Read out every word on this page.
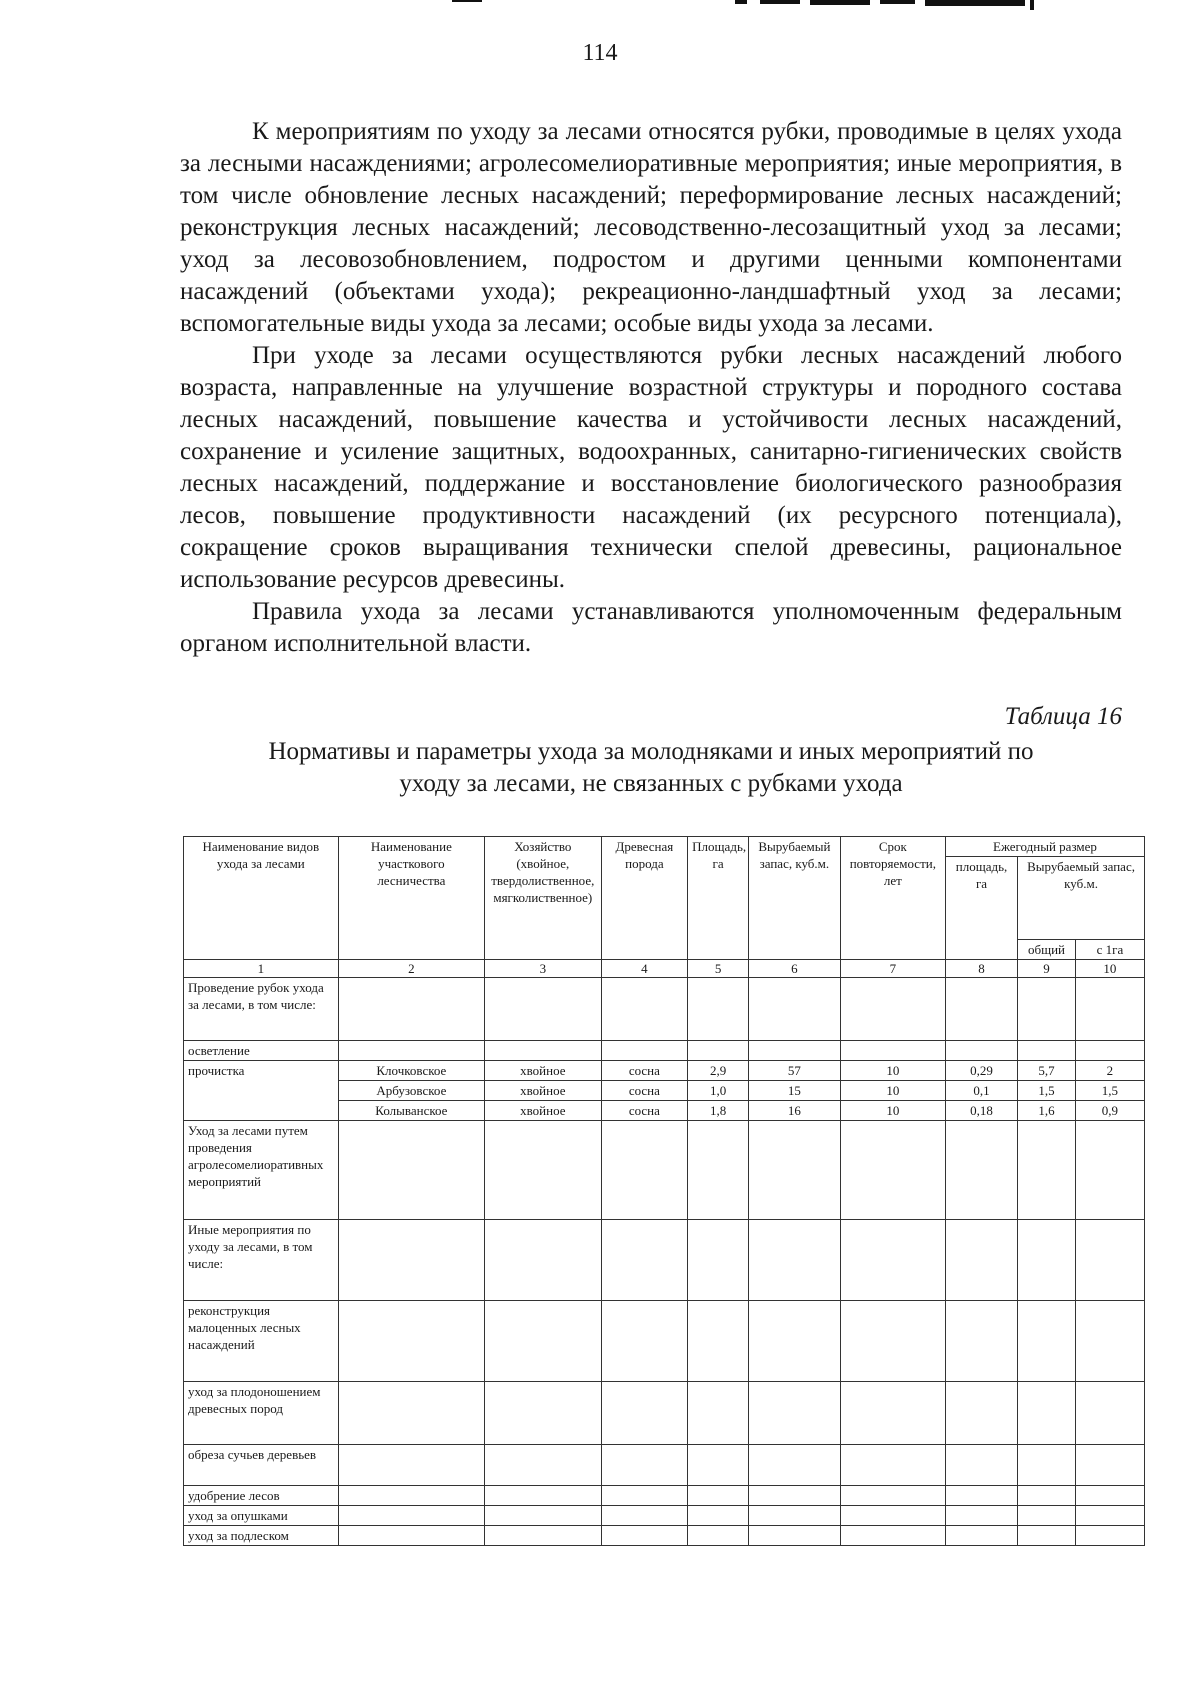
114

К мероприятиям по уходу за лесами относятся рубки, проводимые в целях ухода за лесными насаждениями; агролесомелиоративные мероприятия; иные мероприятия, в том числе обновление лесных насаждений; переформирование лесных насаждений; реконструкция лесных насаждений; лесоводственно-лесозащитный уход за лесами; уход за лесовозобновлением, подростом и другими ценными компонентами насаждений (объектами ухода); рекреационно-ландшафтный уход за лесами; вспомогательные виды ухода за лесами; особые виды ухода за лесами.

При уходе за лесами осуществляются рубки лесных насаждений любого возраста, направленные на улучшение возрастной структуры и породного состава лесных насаждений, повышение качества и устойчивости лесных насаждений, сохранение и усиление защитных, водоохранных, санитарно-гигиенических свойств лесных насаждений, поддержание и восстановление биологического разнообразия лесов, повышение продуктивности насаждений (их ресурсного потенциала), сокращение сроков выращивания технически спелой древесины, рациональное использование ресурсов древесины.

Правила ухода за лесами устанавливаются уполномоченным федеральным органом исполнительной власти.

Таблица 16
Нормативы и параметры ухода за молодняками и иных мероприятий по
уходу за лесами, не связанных с рубками ухода
Наименование видов ухода за лесами	Наименование участкового лесничества	Хозяйство (хвойное, твердолиственное, мягколиственное)	Древесная порода	Площадь, га	Вырубаемый запас, куб.м.	Срок повторяемости, лет	Ежегодный размер		
							площадь, га	Вырубаемый запас, куб.м.	
								общий	с 1га
1	2	3	4	5	6	7	8	9	10
Проведение рубок ухода за лесами, в том числе:									
осветление									
прочистка	Клочковское	хвойное	сосна	2,9	57	10	0,29	5,7	2
	Арбузовское	хвойное	сосна	1,0	15	10	0,1	1,5	1,5
	Колыванское	хвойное	сосна	1,8	16	10	0,18	1,6	0,9
Уход за лесами путем проведения агролесомелиоративных мероприятий									
Иные мероприятия по уходу за лесами, в том числе:									
реконструкция малоценных лесных насаждений									
уход за плодоношением древесных пород									
обреза сучьев деревьев									
удобрение лесов									
уход за опушками									
уход за подлеском									
